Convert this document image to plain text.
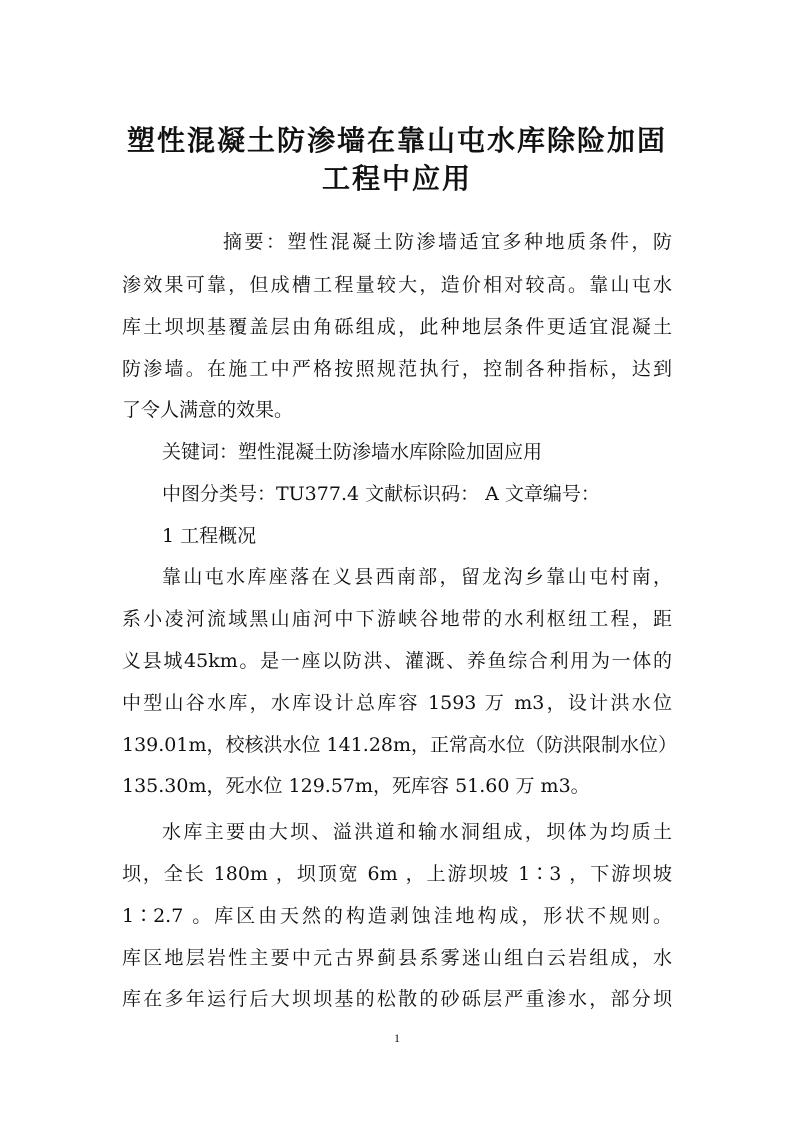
塑性混凝土防渗墙在靠山屯水库除险加固
工程中应用
摘要：塑性混凝土防渗墙适宜多种地质条件，防
渗效果可靠，但成槽工程量较大，造价相对较高。靠山屯水
库土坝坝基覆盖层由角砾组成，此种地层条件更适宜混凝土
防渗墙。在施工中严格按照规范执行，控制各种指标，达到
了令人满意的效果。
关键词：塑性混凝土防渗墙水库除险加固应用
中图分类号：TU377.4 文献标识码： A 文章编号：
1 工程概况
靠山屯水库座落在义县西南部，留龙沟乡靠山屯村南，
系小凌河流域黑山庙河中下游峡谷地带的水利枢纽工程，距
义县城45km。是一座以防洪、灌溉、养鱼综合利用为一体的
中型山谷水库，水库设计总库容 1593 万 m3，设计洪水位
139.01m，校核洪水位 141.28m，正常高水位（防洪限制水位）
135.30m，死水位 129.57m，死库容 51.60 万 m3。
水库主要由大坝、溢洪道和输水洞组成，坝体为均质土
坝，全长 180m ，坝顶宽 6m ，上游坝坡 1∶3 ，下游坝坡
1∶2.7 。库区由天然的构造剥蚀洼地构成，形状不规则。
库区地层岩性主要中元古界蓟县系雾迷山组白云岩组成，水
库在多年运行后大坝坝基的松散的砂砾层严重渗水，部分坝
1
